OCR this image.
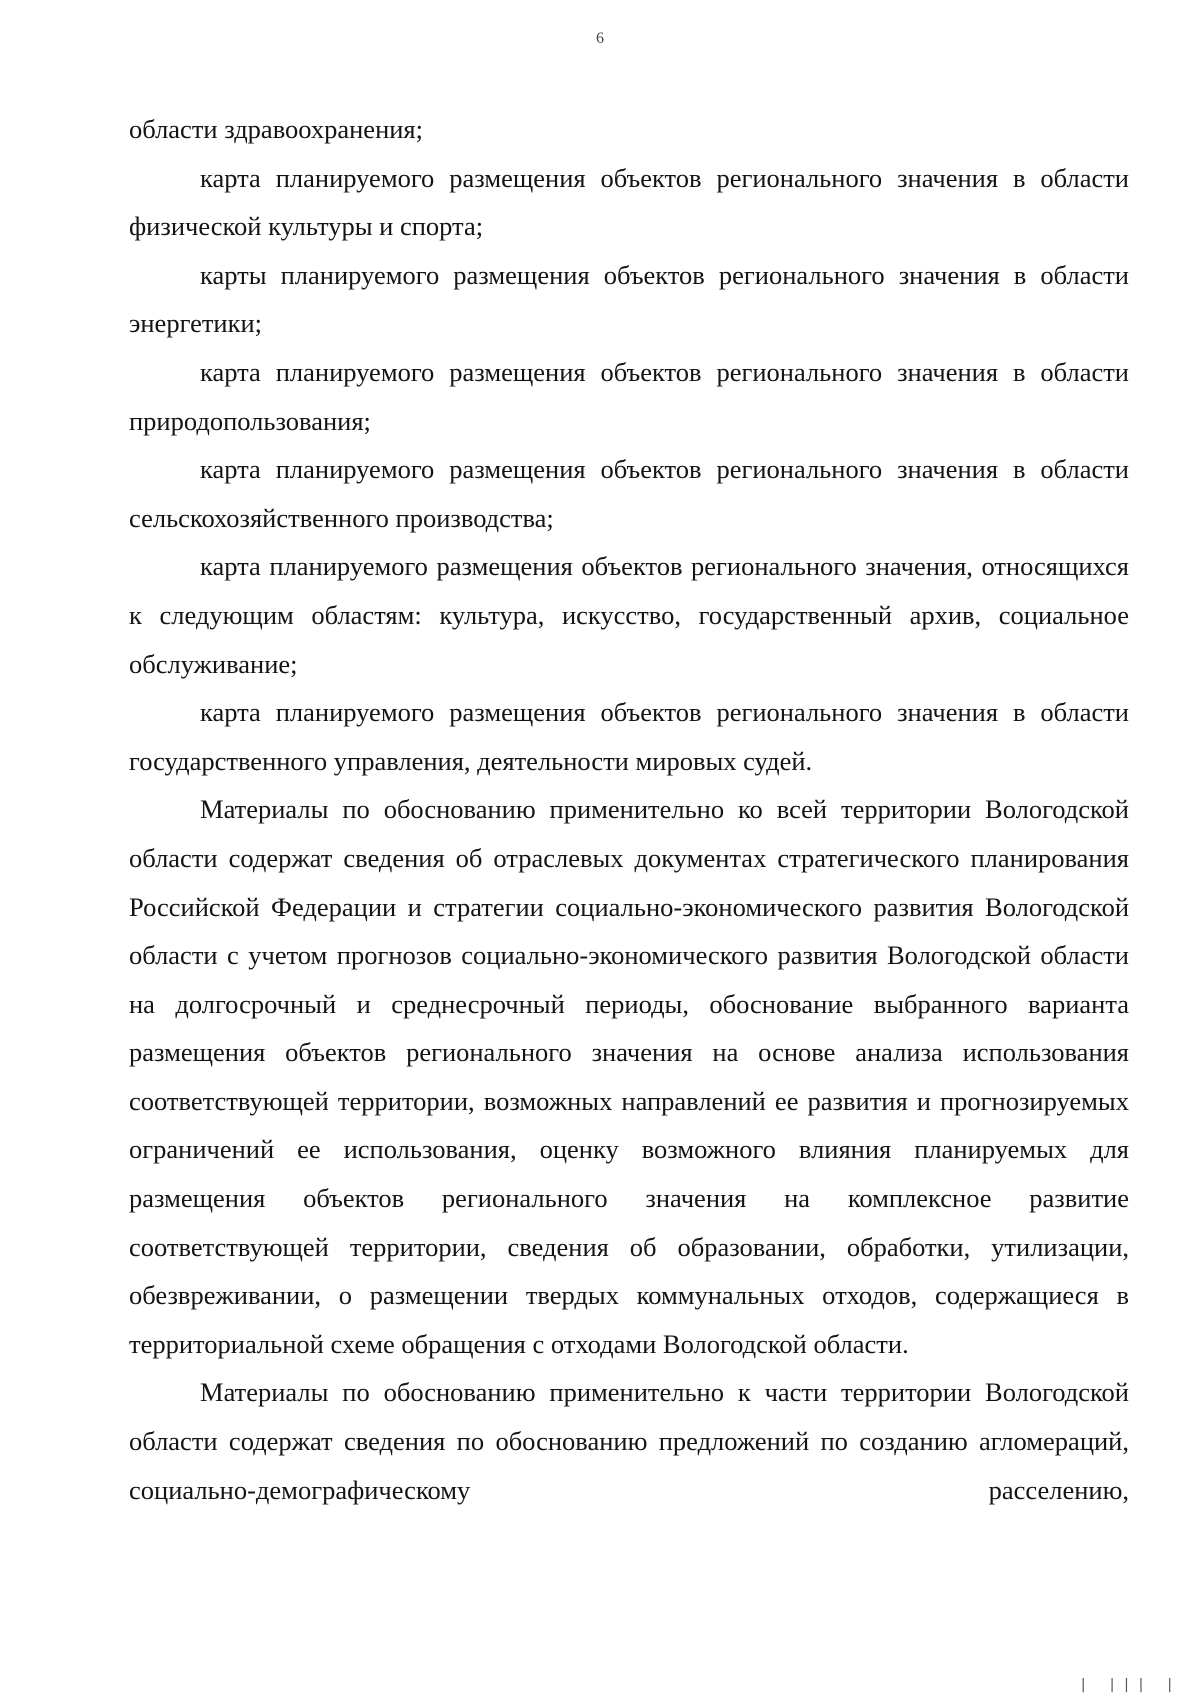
6

области здравоохранения;

карта планируемого размещения объектов регионального значения в области физической культуры и спорта;

карты планируемого размещения объектов регионального значения в области энергетики;

карта планируемого размещения объектов регионального значения в области природопользования;

карта планируемого размещения объектов регионального значения в области сельскохозяйственного производства;

карта планируемого размещения объектов регионального значения, относящихся к следующим областям: культура, искусство, государственный архив, социальное обслуживание;

карта планируемого размещения объектов регионального значения в области государственного управления, деятельности мировых судей.

Материалы по обоснованию применительно ко всей территории Вологодской области содержат сведения об отраслевых документах стратегического планирования Российской Федерации и стратегии социально-экономического развития Вологодской области с учетом прогнозов социально-экономического развития Вологодской области на долгосрочный и среднесрочный периоды, обоснование выбранного варианта размещения объектов регионального значения на основе анализа использования соответствующей территории, возможных направлений ее развития и прогнозируемых ограничений ее использования, оценку возможного влияния планируемых для размещения объектов регионального значения на комплексное развитие соответствующей территории, сведения об образовании, обработки, утилизации, обезвреживании, о размещении твердых коммунальных отходов, содержащиеся в территориальной схеме обращения с отходами Вологодской области.

Материалы по обоснованию применительно к части территории Вологодской области содержат сведения по обоснованию предложений по созданию агломераций, социально-демографическому расселению,

| ||| |
